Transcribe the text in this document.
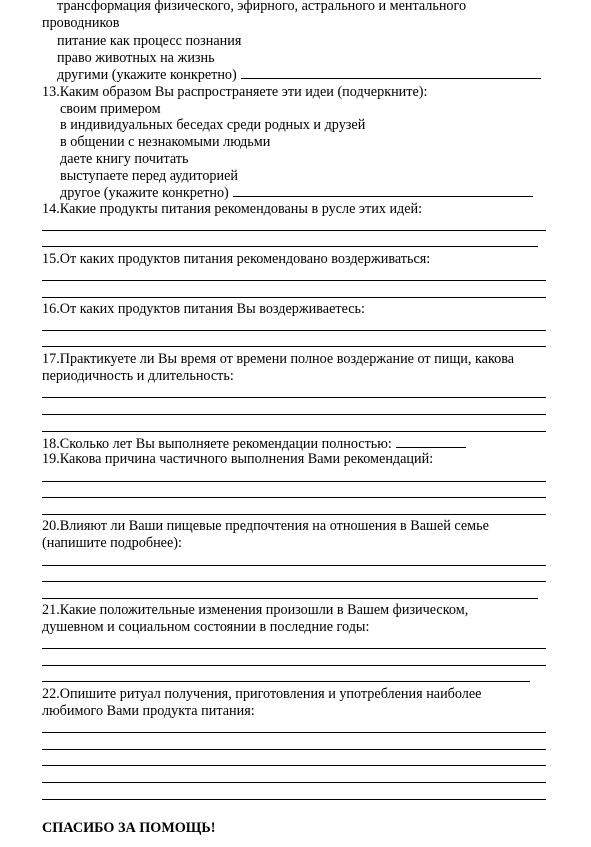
трансформация физического, эфирного, астрального и ментального
проводников
питание как процесс познания
право животных на жизнь
другими (укажите конкретно)
13.Каким образом Вы распространяете эти идеи (подчеркните):
своим примером
в индивидуальных беседах среди родных и друзей
в общении с незнакомыми людьми
даете книгу почитать
выступаете перед аудиторией
другое (укажите конкретно)
14.Какие продукты питания рекомендованы в русле этих идей:
15.От каких продуктов питания рекомендовано воздерживаться:
16.От каких продуктов питания Вы воздерживаетесь:
17.Практикуете ли Вы время от времени полное воздержание от пищи, какова
периодичность и длительность:
18.Сколько лет Вы выполняете рекомендации полностью:
19.Какова причина частичного выполнения Вами рекомендаций:
20.Влияют ли Ваши пищевые предпочтения на отношения в Вашей семье
(напишите подробнее):
21.Какие положительные изменения произошли в Вашем физическом,
душевном и социальном состоянии в последние годы:
22.Опишите ритуал получения, приготовления и употребления наиболее
любимого Вами продукта питания:
СПАСИБО ЗА ПОМОЩЬ!
